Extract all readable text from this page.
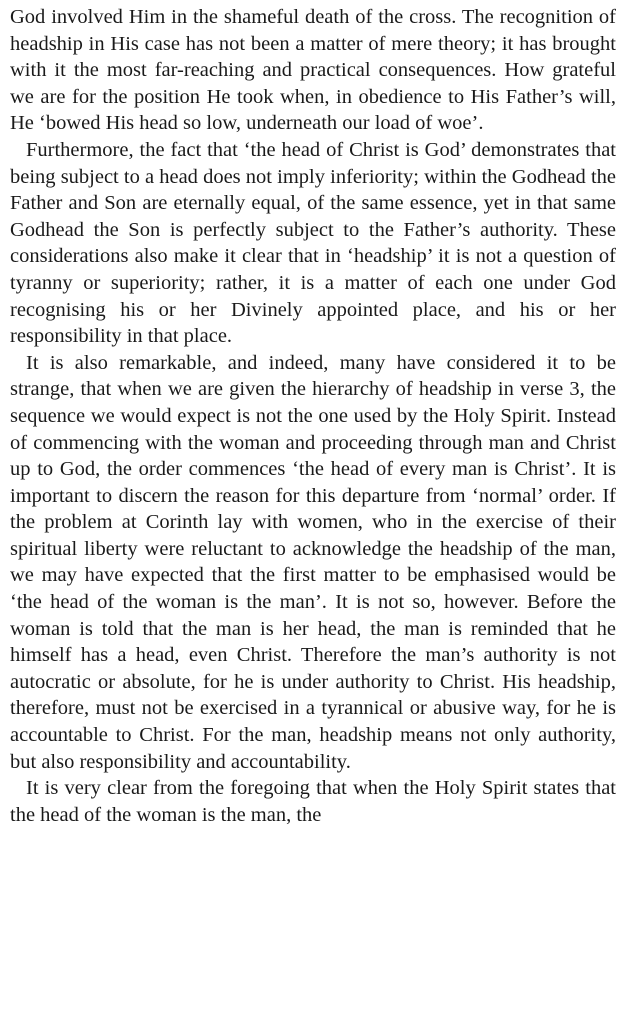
God involved Him in the shameful death of the cross. The recognition of headship in His case has not been a matter of mere theory; it has brought with it the most far-reaching and practical consequences. How grateful we are for the position He took when, in obedience to His Father’s will, He ‘bowed His head so low, underneath our load of woe’.

Furthermore, the fact that ‘the head of Christ is God’ demonstrates that being subject to a head does not imply inferiority; within the Godhead the Father and Son are eternally equal, of the same essence, yet in that same Godhead the Son is perfectly subject to the Father’s authority. These considerations also make it clear that in ‘headship’ it is not a question of tyranny or superiority; rather, it is a matter of each one under God recognising his or her Divinely appointed place, and his or her responsibility in that place.

It is also remarkable, and indeed, many have considered it to be strange, that when we are given the hierarchy of headship in verse 3, the sequence we would expect is not the one used by the Holy Spirit. Instead of commencing with the woman and proceeding through man and Christ up to God, the order commences ‘the head of every man is Christ’. It is important to discern the reason for this departure from ‘normal’ order. If the problem at Corinth lay with women, who in the exercise of their spiritual liberty were reluctant to acknowledge the headship of the man, we may have expected that the first matter to be emphasised would be ‘the head of the woman is the man’. It is not so, however. Before the woman is told that the man is her head, the man is reminded that he himself has a head, even Christ. Therefore the man’s authority is not autocratic or absolute, for he is under authority to Christ. His headship, therefore, must not be exercised in a tyrannical or abusive way, for he is accountable to Christ. For the man, headship means not only authority, but also responsibility and accountability.

It is very clear from the foregoing that when the Holy Spirit states that the head of the woman is the man, the
